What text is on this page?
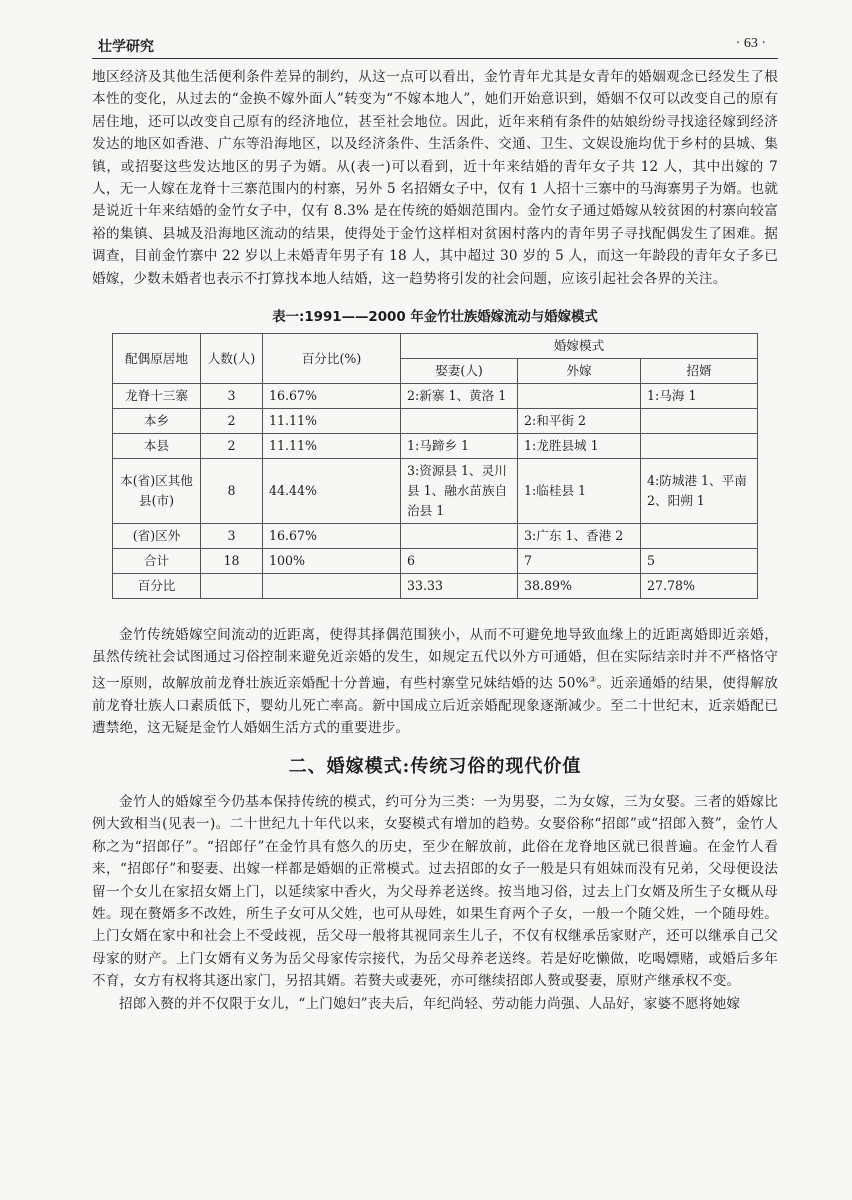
壮学研究	· 63 ·
地区经济及其他生活便利条件差异的制约，从这一点可以看出，金竹青年尤其是女青年的婚姻观念已经发生了根本性的变化，从过去的“金换不嫁外面人”转变为“不嫁本地人”，她们开始意识到，婚姻不仅可以改变自己的原有居住地，还可以改变自己原有的经济地位，甚至社会地位。因此，近年来稍有条件的姑娘纷纷寻找途径嫁到经济发达的地区如香港、广东等沿海地区，以及经济条件、生活条件、交通、卫生、文娱设施均优于乡村的县城、集镇，或招娶这些发达地区的男子为婿。从(表一)可以看到，近十年来结婚的青年女子共 12 人，其中出嫁的 7 人，无一人嫁在龙脊十三寨范围内的村寨，另外 5 名招婿女子中，仅有 1 人招十三寨中的马海寨男子为婿。也就是说近十年来结婚的金竹女子中，仅有 8.3% 是在传统的婚姻范围内。金竹女子通过婚嫁从较贫困的村寨向较富裕的集镇、县城及沿海地区流动的结果，使得处于金竹这样相对贫困村落内的青年男子寻找配偶发生了困难。据调查，目前金竹寨中 22 岁以上未婚青年男子有 18 人，其中超过 30 岁的 5 人，而这一年龄段的青年女子多已婚嫁，少数未婚者也表示不打算找本地人结婚，这一趋势将引发的社会问题，应该引起社会各界的关注。
表一:1991——2000 年金竹壮族婚嫁流动与婚嫁模式
配偶原居地	人数(人)	百分比(%)	婚嫁模式		
			娶妻(人)	外嫁	招婿
龙脊十三寨	3	16.67%	2:新寨 1、黄洛 1		1:马海 1
本乡	2	11.11%		2:和平街 2	
本县	2	11.11%	1:马蹄乡 1	1:龙胜县城 1	
本(省)区其他县(市)	8	44.44%	3:资源县 1、灵川县 1、融水苗族自治县 1	1:临桂县 1	4:防城港 1、平南 2、阳朔 1
(省)区外	3	16.67%		3:广东 1、香港 2	
合计	18	100%	6	7	5
百分比			33.33	38.89%	27.78%
金竹传统婚嫁空间流动的近距离，使得其择偶范围狭小，从而不可避免地导致血缘上的近距离婚即近亲婚，虽然传统社会试图通过习俗控制来避免近亲婚的发生，如规定五代以外方可通婚，但在实际结亲时并不严格恪守这一原则，故解放前龙脊壮族近亲婚配十分普遍，有些村寨堂兄妹结婚的达 50%③。近亲通婚的结果，使得解放前龙脊壮族人口素质低下，婴幼儿死亡率高。新中国成立后近亲婚配现象逐渐减少。至二十世纪末，近亲婚配已遭禁绝，这无疑是金竹人婚姻生活方式的重要进步。
二、婚嫁模式:传统习俗的现代价值
金竹人的婚嫁至今仍基本保持传统的模式，约可分为三类：一为男娶，二为女嫁，三为女娶。三者的婚嫁比例大致相当(见表一)。二十世纪九十年代以来，女娶模式有增加的趋势。女娶俗称“招郎”或“招郎入赘”，金竹人称之为“招郎仔”。“招郎仔”在金竹具有悠久的历史，至少在解放前，此俗在龙脊地区就已很普遍。在金竹人看来，“招郎仔”和娶妻、出嫁一样都是婚姻的正常模式。过去招郎的女子一般是只有姐妹而没有兄弟，父母便设法留一个女儿在家招女婿上门，以延续家中香火，为父母养老送终。按当地习俗，过去上门女婿及所生子女概从母姓。现在赘婿多不改姓，所生子女可从父姓，也可从母姓，如果生育两个子女，一般一个随父姓，一个随母姓。上门女婿在家中和社会上不受歧视，岳父母一般将其视同亲生儿子，不仅有权继承岳家财产，还可以继承自己父母家的财产。上门女婿有义务为岳父母家传宗接代，为岳父母养老送终。若是好吃懒做，吃喝嫖赌，或婚后多年不育，女方有权将其逐出家门，另招其婿。若赘夫或妻死，亦可继续招郎人赘或娶妻，原财产继承权不变。
招郎入赘的并不仅限于女儿，“上门媳妇”丧夫后，年纪尚轻、劳动能力尚强、人品好，家婆不愿将她嫁
